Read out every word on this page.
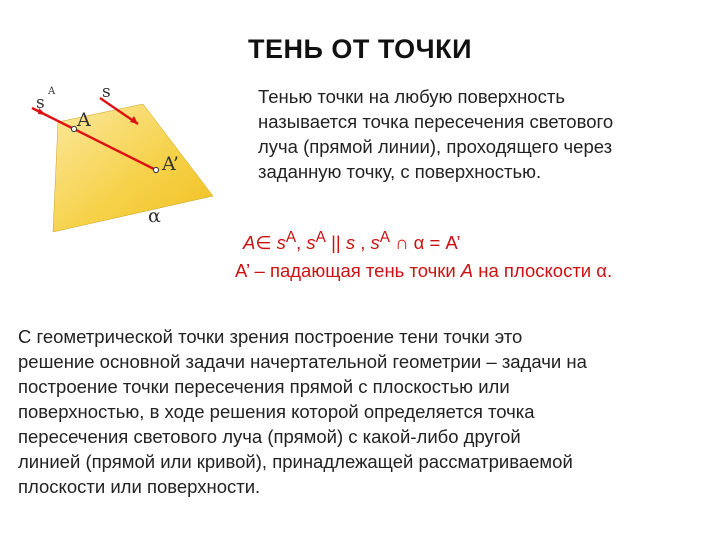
ТЕНЬ ОТ ТОЧКИ
Тенью точки на любую поверхность
называется точка пересечения светового
луча (прямой линии), проходящего через
заданную точку, с поверхностью.
A∈ $s^A$, $s^A$ || s , $s^A$ ∩ α = A’
A’ – падающая тень точки A на плоскости α.
s
A	s
A
A’
α
С геометрической точки зрения построение тени точки это
решение основной задачи начертательной геометрии – задачи на
построение точки пересечения прямой с плоскостью или
поверхностью, в ходе решения которой определяется точка
пересечения светового луча (прямой) с какой-либо другой
линией (прямой или кривой), принадлежащей рассматриваемой
плоскости или поверхности.
